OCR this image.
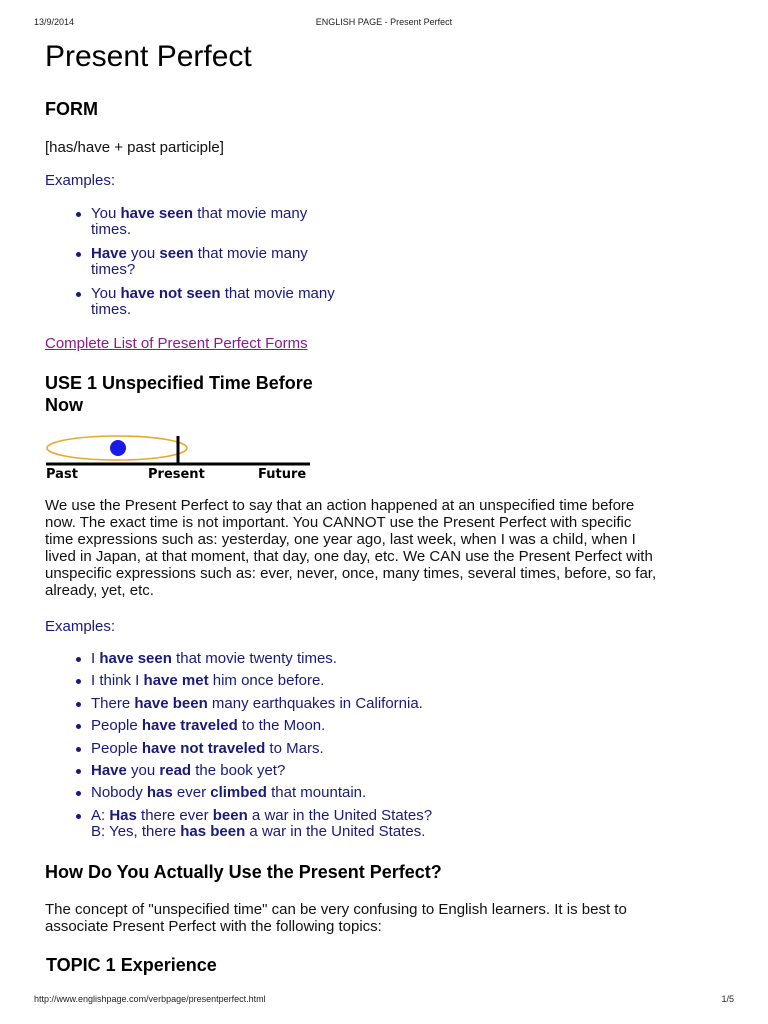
13/9/2014	ENGLISH PAGE - Present Perfect
Present Perfect
FORM

[has/have + past participle]

Examples:

You have seen that movie many
times.
Have you seen that movie many
times?
You have not seen that movie many
times.
Complete List of Present Perfect Forms
USE 1 Unspecified Time Before
Now
Past	Present	Future
We use the Present Perfect to say that an action happened at an unspecified time before
now. The exact time is not important. You CANNOT use the Present Perfect with specific
time expressions such as: yesterday, one year ago, last week, when I was a child, when I
lived in Japan, at that moment, that day, one day, etc. We CAN use the Present Perfect with
unspecific expressions such as: ever, never, once, many times, several times, before, so far,
already, yet, etc.

Examples:

I have seen that movie twenty times.
I think I have met him once before.
There have been many earthquakes in California.
People have traveled to the Moon.
People have not traveled to Mars.
Have you read the book yet?
Nobody has ever climbed that mountain.
A: Has there ever been a war in the United States?
B: Yes, there has been a war in the United States.
How Do You Actually Use the Present Perfect?
The concept of "unspecified time" can be very confusing to English learners. It is best to
associate Present Perfect with the following topics:
TOPIC 1 Experience
http://www.englishpage.com/verbpage/presentperfect.html	1/5
